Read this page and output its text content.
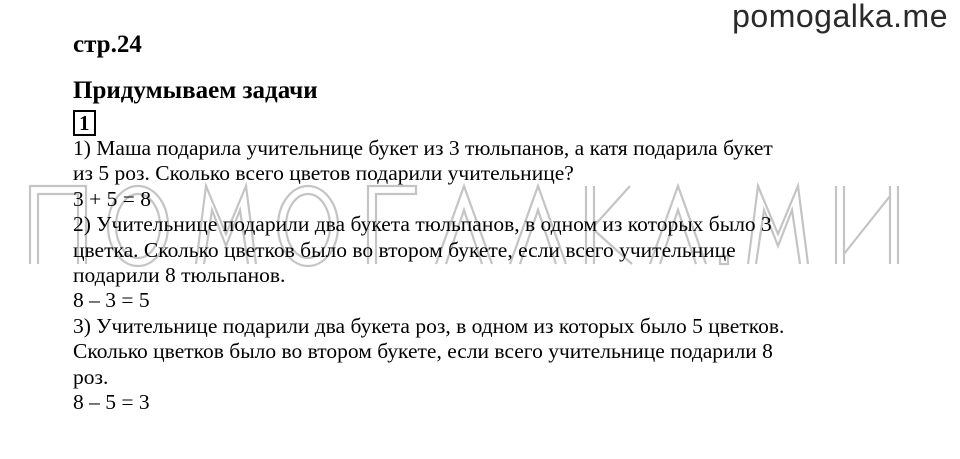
pomogalka.me

стр.24

Придумываем задачи

1

1) Маша подарила учительнице букет из 3 тюльпанов, а катя подарила букет

из 5 роз. Сколько всего цветов подарили учительнице?

3 + 5 = 8

2) Учительнице подарили два букета тюльпанов, в одном из которых было 3

цветка. Сколько цветков было во втором букете, если всего учительнице

подарили 8 тюльпанов.

8 – 3 = 5

3) Учительнице подарили два букета роз, в одном из которых было 5 цветков.

Сколько цветков было во втором букете, если всего учительнице подарили 8

роз.

8 – 5 = 3
